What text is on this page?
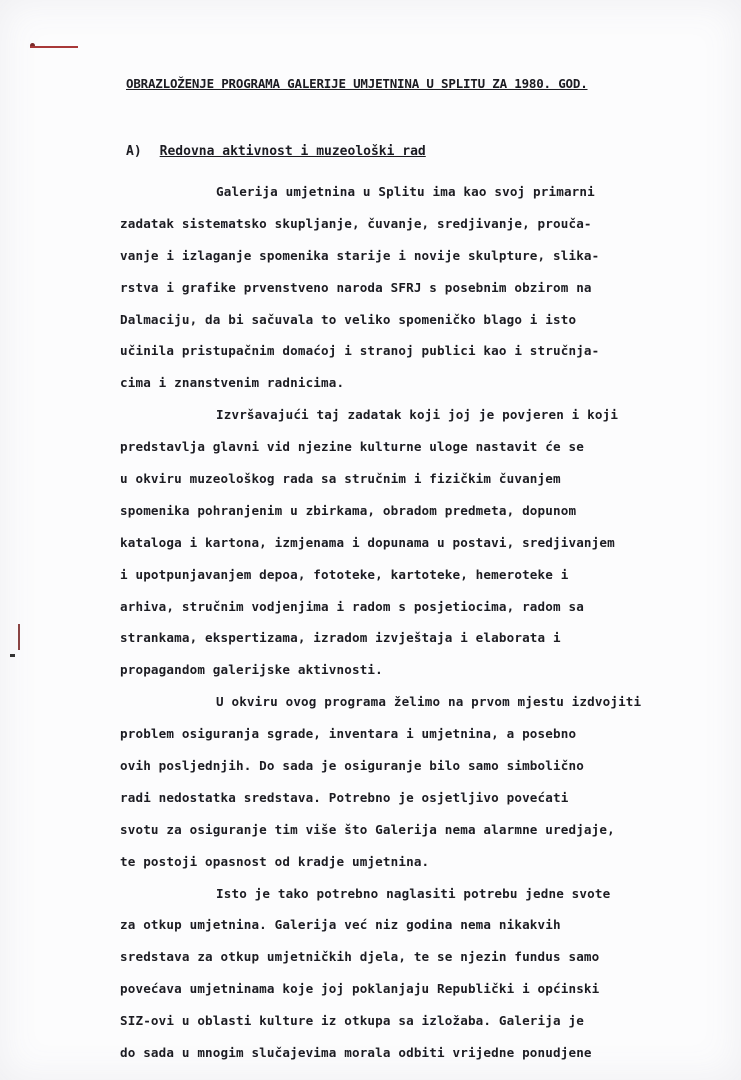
OBRAZLOŽENJE PROGRAMA GALERIJE UMJETNINA U SPLITU ZA 1980. GOD.
A) Redovna aktivnost i muzeološki rad
Galerija umjetnina u Splitu ima kao svoj primarni
zadatak sistematsko skupljanje, čuvanje, sredjivanje, prouča-
vanje i izlaganje spomenika starije i novije skulpture, slika-
rstva i grafike prvenstveno naroda SFRJ s posebnim obzirom na
Dalmaciju, da bi sačuvala to veliko spomeničko blago i isto
učinila pristupačnim domaćoj i stranoj publici kao i stručnja-
cima i znanstvenim radnicima.
Izvršavajući taj zadatak koji joj je povjeren i koji
predstavlja glavni vid njezine kulturne uloge nastavit će se
u okviru muzeološkog rada sa stručnim i fizičkim čuvanjem
spomenika pohranjenim u zbirkama, obradom predmeta, dopunom
kataloga i kartona, izmjenama i dopunama u postavi, sredjivanjem
i upotpunjavanjem depoa, fototeke, kartoteke, hemeroteke i
arhiva, stručnim vodjenjima i radom s posjetiocima, radom sa
strankama, ekspertizama, izradom izvještaja i elaborata i
propagandom galerijske aktivnosti.
U okviru ovog programa želimo na prvom mjestu izdvojiti
problem osiguranja sgrade, inventara i umjetnina, a posebno
ovih posljednjih. Do sada je osiguranje bilo samo simbolično
radi nedostatka sredstava. Potrebno je osjetljivo povećati
svotu za osiguranje tim više što Galerija nema alarmne uredjaje,
te postoji opasnost od kradje umjetnina.
Isto je tako potrebno naglasiti potrebu jedne svote
za otkup umjetnina. Galerija već niz godina nema nikakvih
sredstava za otkup umjetničkih djela, te se njezin fundus samo
povećava umjetninama koje joj poklanjaju Republički i općinski
SIZ-ovi u oblasti kulture iz otkupa sa izložaba. Galerija je
do sada u mnogim slučajevima morala odbiti vrijedne ponudjene
